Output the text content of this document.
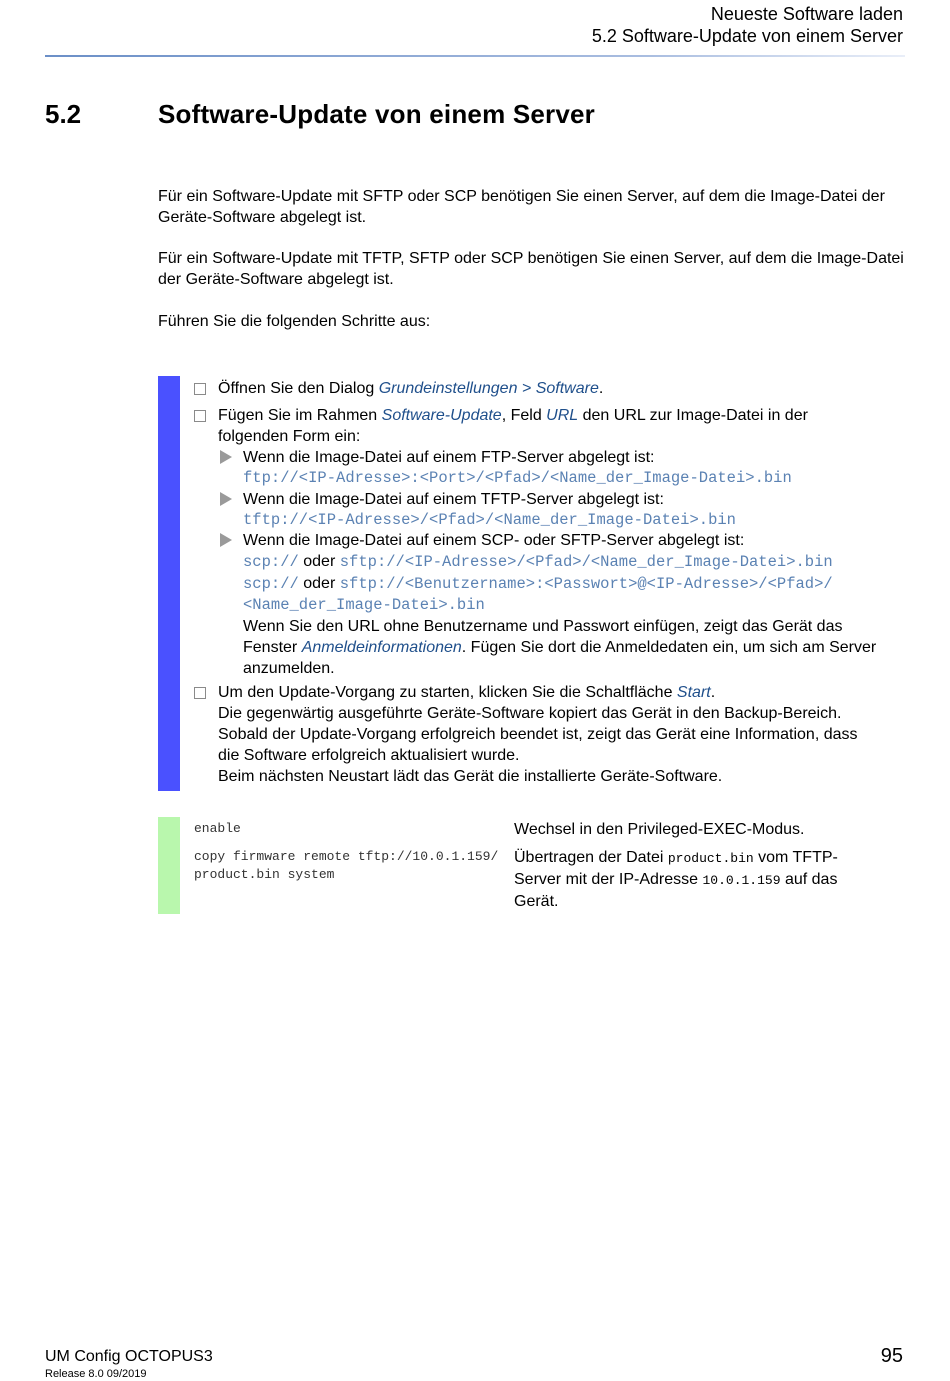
Neueste Software laden
5.2 Software-Update von einem Server
5.2	Software-Update von einem Server
Für ein Software-Update mit SFTP oder SCP benötigen Sie einen Server, auf dem die Image-Datei der Geräte-Software abgelegt ist.
Für ein Software-Update mit TFTP, SFTP oder SCP benötigen Sie einen Server, auf dem die Image-Datei der Geräte-Software abgelegt ist.
Führen Sie die folgenden Schritte aus:
Öffnen Sie den Dialog Grundeinstellungen > Software.
Fügen Sie im Rahmen Software-Update, Feld URL den URL zur Image-Datei in der
folgenden Form ein:
Wenn die Image-Datei auf einem FTP-Server abgelegt ist:
ftp://<IP-Adresse>:<Port>/<Pfad>/<Name_der_Image-Datei>.bin
Wenn die Image-Datei auf einem TFTP-Server abgelegt ist:
tftp://<IP-Adresse>/<Pfad>/<Name_der_Image-Datei>.bin
Wenn die Image-Datei auf einem SCP- oder SFTP-Server abgelegt ist:
scp:// oder sftp://<IP-Adresse>/<Pfad>/<Name_der_Image-Datei>.bin
scp:// oder sftp://<Benutzername>:<Passwort>@<IP-Adresse>/<Pfad>/
<Name_der_Image-Datei>.bin
Wenn Sie den URL ohne Benutzername und Passwort einfügen, zeigt das Gerät das
Fenster Anmeldeinformationen. Fügen Sie dort die Anmeldedaten ein, um sich am Server
anzumelden.
Um den Update-Vorgang zu starten, klicken Sie die Schaltfläche Start.
Die gegenwärtig ausgeführte Geräte-Software kopiert das Gerät in den Backup-Bereich.
Sobald der Update-Vorgang erfolgreich beendet ist, zeigt das Gerät eine Information, dass
die Software erfolgreich aktualisiert wurde.
Beim nächsten Neustart lädt das Gerät die installierte Geräte-Software.
enable	Wechsel in den Privileged-EXEC-Modus.
copy firmware remote tftp://10.0.1.159/
product.bin system
Übertragen der Datei product.bin vom TFTP-
Server mit der IP-Adresse 10.0.1.159 auf das
Gerät.
UM Config OCTOPUS3
Release 8.0 09/2019
95
